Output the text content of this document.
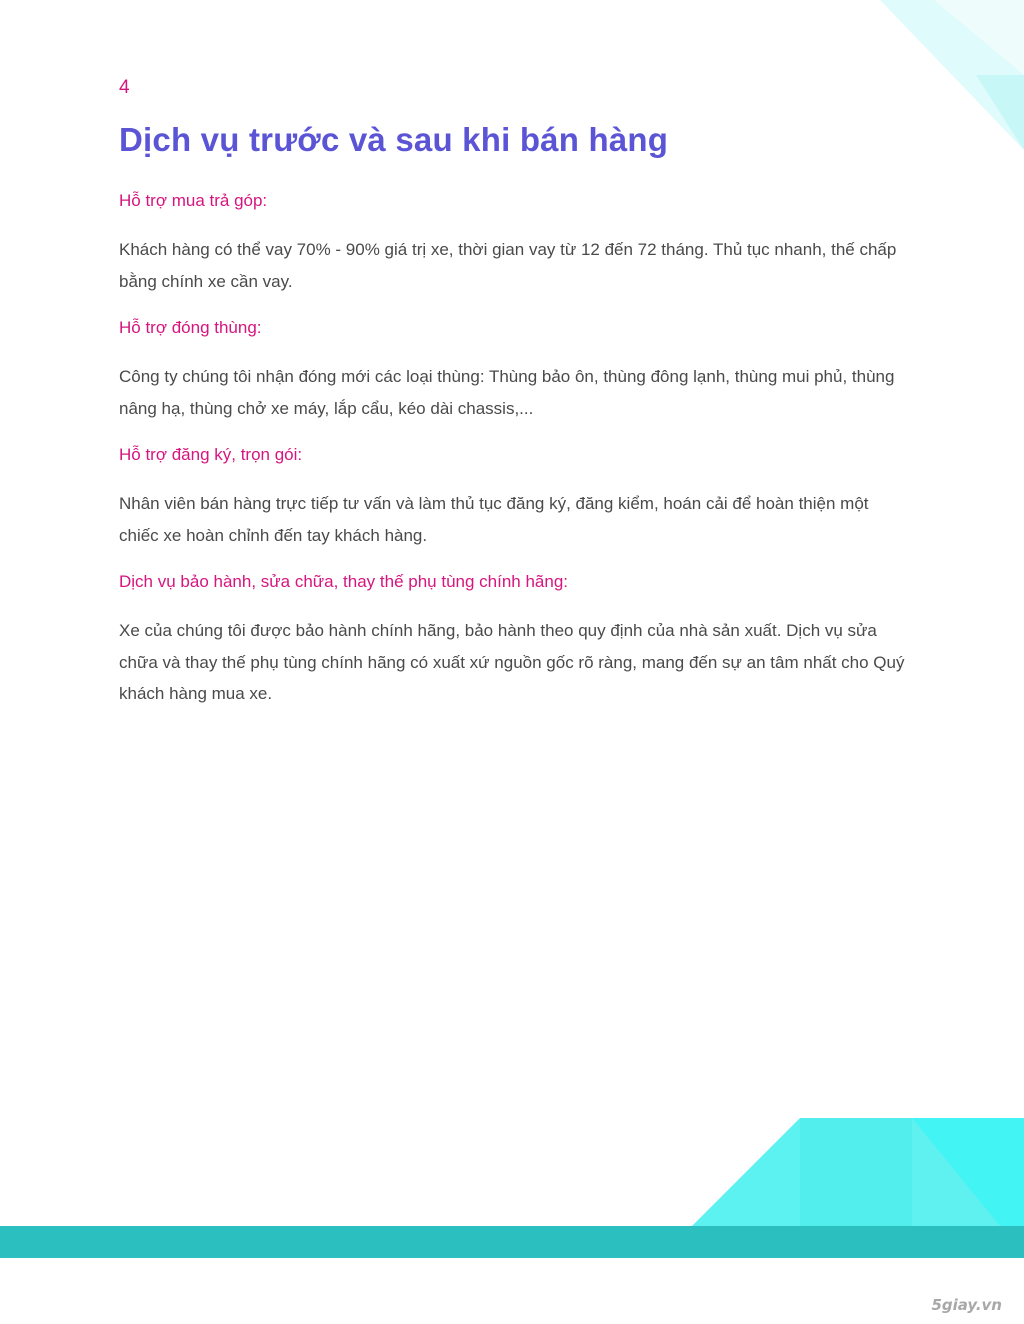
4

Dịch vụ trước và sau khi bán hàng

Hỗ trợ mua trả góp:

Khách hàng có thể vay 70% - 90% giá trị xe, thời gian vay từ 12 đến 72 tháng. Thủ tục nhanh, thế chấp bằng chính xe cần vay.

Hỗ trợ đóng thùng:

Công ty chúng tôi nhận đóng mới các loại thùng: Thùng bảo ôn, thùng đông lạnh, thùng mui phủ, thùng nâng hạ, thùng chở xe máy, lắp cẩu, kéo dài chassis,...

Hỗ trợ đăng ký, trọn gói:

Nhân viên bán hàng trực tiếp tư vấn và làm thủ tục đăng ký, đăng kiểm, hoán cải để hoàn thiện một chiếc xe hoàn chỉnh đến tay khách hàng.

Dịch vụ bảo hành, sửa chữa, thay thế phụ tùng chính hãng:

Xe của chúng tôi được bảo hành chính hãng, bảo hành theo quy định của nhà sản xuất. Dịch vụ sửa chữa và thay thế phụ tùng chính hãng có xuất xứ nguồn gốc rõ ràng, mang đến sự an tâm nhất cho Quý khách hàng mua xe.

5giay.vn
